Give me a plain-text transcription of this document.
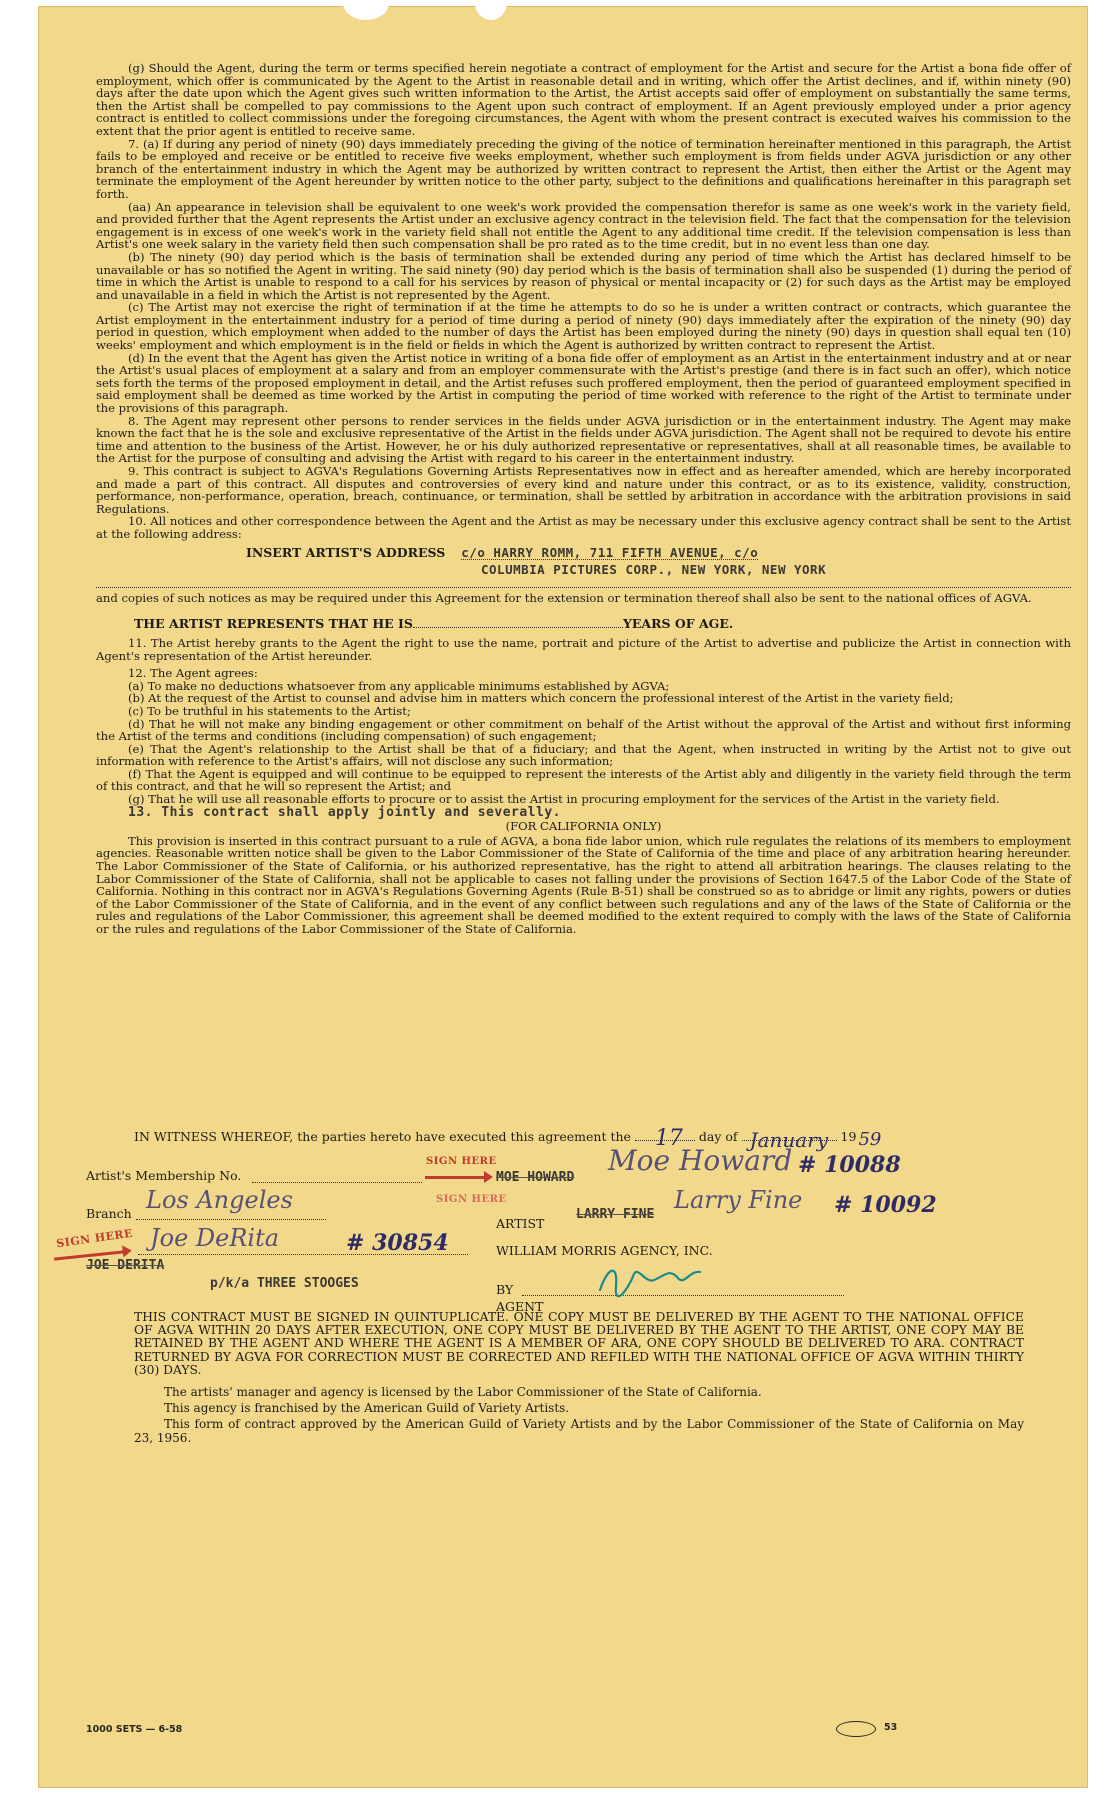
(g) Should the Agent, during the term or terms specified herein negotiate a contract of employment for the Artist and secure for the Artist a bona fide offer of employment, which offer is communicated by the Agent to the Artist in reasonable detail and in writing, which offer the Artist declines, and if, within ninety (90) days after the date upon which the Agent gives such written information to the Artist, the Artist accepts said offer of employment on substantially the same terms, then the Artist shall be compelled to pay commissions to the Agent upon such contract of employment. If an Agent previously employed under a prior agency contract is entitled to collect commissions under the foregoing circumstances, the Agent with whom the present contract is executed waives his commission to the extent that the prior agent is entitled to receive same.

7. (a) If during any period of ninety (90) days immediately preceding the giving of the notice of termination hereinafter mentioned in this paragraph, the Artist fails to be employed and receive or be entitled to receive five weeks employment, whether such employment is from fields under AGVA jurisdiction or any other branch of the entertainment industry in which the Agent may be authorized by written contract to represent the Artist, then either the Artist or the Agent may terminate the employment of the Agent hereunder by written notice to the other party, subject to the definitions and qualifications hereinafter in this paragraph set forth.

(aa) An appearance in television shall be equivalent to one week's work provided the compensation therefor is same as one week's work in the variety field, and provided further that the Agent represents the Artist under an exclusive agency contract in the television field. The fact that the compensation for the television engagement is in excess of one week's work in the variety field shall not entitle the Agent to any additional time credit. If the television compensation is less than Artist's one week salary in the variety field then such compensation shall be pro rated as to the time credit, but in no event less than one day.

(b) The ninety (90) day period which is the basis of termination shall be extended during any period of time which the Artist has declared himself to be unavailable or has so notified the Agent in writing. The said ninety (90) day period which is the basis of termination shall also be suspended (1) during the period of time in which the Artist is unable to respond to a call for his services by reason of physical or mental incapacity or (2) for such days as the Artist may be employed and unavailable in a field in which the Artist is not represented by the Agent.

(c) The Artist may not exercise the right of termination if at the time he attempts to do so he is under a written contract or contracts, which guarantee the Artist employment in the entertainment industry for a period of time during a period of ninety (90) days immediately after the expiration of the ninety (90) day period in question, which employment when added to the number of days the Artist has been employed during the ninety (90) days in question shall equal ten (10) weeks' employment and which employment is in the field or fields in which the Agent is authorized by written contract to represent the Artist.

(d) In the event that the Agent has given the Artist notice in writing of a bona fide offer of employment as an Artist in the entertainment industry and at or near the Artist's usual places of employment at a salary and from an employer commensurate with the Artist's prestige (and there is in fact such an offer), which notice sets forth the terms of the proposed employment in detail, and the Artist refuses such proffered employment, then the period of guaranteed employment specified in said employment shall be deemed as time worked by the Artist in computing the period of time worked with reference to the right of the Artist to terminate under the provisions of this paragraph.

8. The Agent may represent other persons to render services in the fields under AGVA jurisdiction or in the entertainment industry. The Agent may make known the fact that he is the sole and exclusive representative of the Artist in the fields under AGVA jurisdiction. The Agent shall not be required to devote his entire time and attention to the business of the Artist. However, he or his duly authorized representative or representatives, shall at all reasonable times, be available to the Artist for the purpose of consulting and advising the Artist with regard to his career in the entertainment industry.

9. This contract is subject to AGVA's Regulations Governing Artists Representatives now in effect and as hereafter amended, which are hereby incorporated and made a part of this contract. All disputes and controversies of every kind and nature under this contract, or as to its existence, validity, construction, performance, non-performance, operation, breach, continuance, or termination, shall be settled by arbitration in accordance with the arbitration provisions in said Regulations.

10. All notices and other correspondence between the Agent and the Artist as may be necessary under this exclusive agency contract shall be sent to the Artist at the following address:

INSERT ARTIST'S ADDRESS c/o HARRY ROMM, 711 FIFTH AVENUE, c/o
COLUMBIA PICTURES CORP., NEW YORK, NEW YORK

and copies of such notices as may be required under this Agreement for the extension or termination thereof shall also be sent to the national offices of AGVA.

THE ARTIST REPRESENTS THAT HE IS	YEARS OF AGE.

11. The Artist hereby grants to the Agent the right to use the name, portrait and picture of the Artist to advertise and publicize the Artist in connection with Agent's representation of the Artist hereunder.

12. The Agent agrees:

(a) To make no deductions whatsoever from any applicable minimums established by AGVA;

(b) At the request of the Artist to counsel and advise him in matters which concern the professional interest of the Artist in the variety field;

(c) To be truthful in his statements to the Artist;

(d) That he will not make any binding engagement or other commitment on behalf of the Artist without the approval of the Artist and without first informing the Artist of the terms and conditions (including compensation) of such engagement;

(e) That the Agent's relationship to the Artist shall be that of a fiduciary; and that the Agent, when instructed in writing by the Artist not to give out information with reference to the Artist's affairs, will not disclose any such information;

(f) That the Agent is equipped and will continue to be equipped to represent the interests of the Artist ably and diligently in the variety field through the term of this contract, and that he will so represent the Artist; and

(g) That he will use all reasonable efforts to procure or to assist the Artist in procuring employment for the services of the Artist in the variety field.

13. This contract shall apply jointly and severally.

(FOR CALIFORNIA ONLY)

This provision is inserted in this contract pursuant to a rule of AGVA, a bona fide labor union, which rule regulates the relations of its members to employment agencies. Reasonable written notice shall be given to the Labor Commissioner of the State of California of the time and place of any arbitration hearing hereunder. The Labor Commissioner of the State of California, or his authorized representative, has the right to attend all arbitration hearings. The clauses relating to the Labor Commissioner of the State of California, shall not be applicable to cases not falling under the provisions of Section 1647.5 of the Labor Code of the State of California. Nothing in this contract nor in AGVA's Regulations Governing Agents (Rule B-51) shall be construed so as to abridge or limit any rights, powers or duties of the Labor Commissioner of the State of California, and in the event of any conflict between such regulations and any of the laws of the State of California or the rules and regulations of the Labor Commissioner, this agreement shall be deemed modified to the extent required to comply with the laws of the State of California or the rules and regulations of the Labor Commissioner of the State of California.

IN WITNESS WHEREOF, the parties hereto have executed this agreement the 17 day of January 19 59
SIGN HERE
Artist's Membership No.	MOE HOWARD
Moe Howard # 10088
Branch Los Angeles	SIGN HERE
LARRY FINE
Larry Fine # 10092
ARTIST
SIGN HERE Joe DeRita	# 30854
JOE DERITA
p/k/a THREE STOOGES
WILLIAM MORRIS AGENCY, INC.
BY
AGENT

THIS CONTRACT MUST BE SIGNED IN QUINTUPLICATE. ONE COPY MUST BE DELIVERED BY THE AGENT TO THE NATIONAL OFFICE OF AGVA WITHIN 20 DAYS AFTER EXECUTION, ONE COPY MUST BE DELIVERED BY THE AGENT TO THE ARTIST, ONE COPY MAY BE RETAINED BY THE AGENT AND WHERE THE AGENT IS A MEMBER OF ARA, ONE COPY SHOULD BE DELIVERED TO ARA. CONTRACT RETURNED BY AGVA FOR CORRECTION MUST BE CORRECTED AND REFILED WITH THE NATIONAL OFFICE OF AGVA WITHIN THIRTY (30) DAYS.

The artists' manager and agency is licensed by the Labor Commissioner of the State of California.

This agency is franchised by the American Guild of Variety Artists.

This form of contract approved by the American Guild of Variety Artists and by the Labor Commissioner of the State of California on May 23, 1956.

1000 SETS — 6-58	53
